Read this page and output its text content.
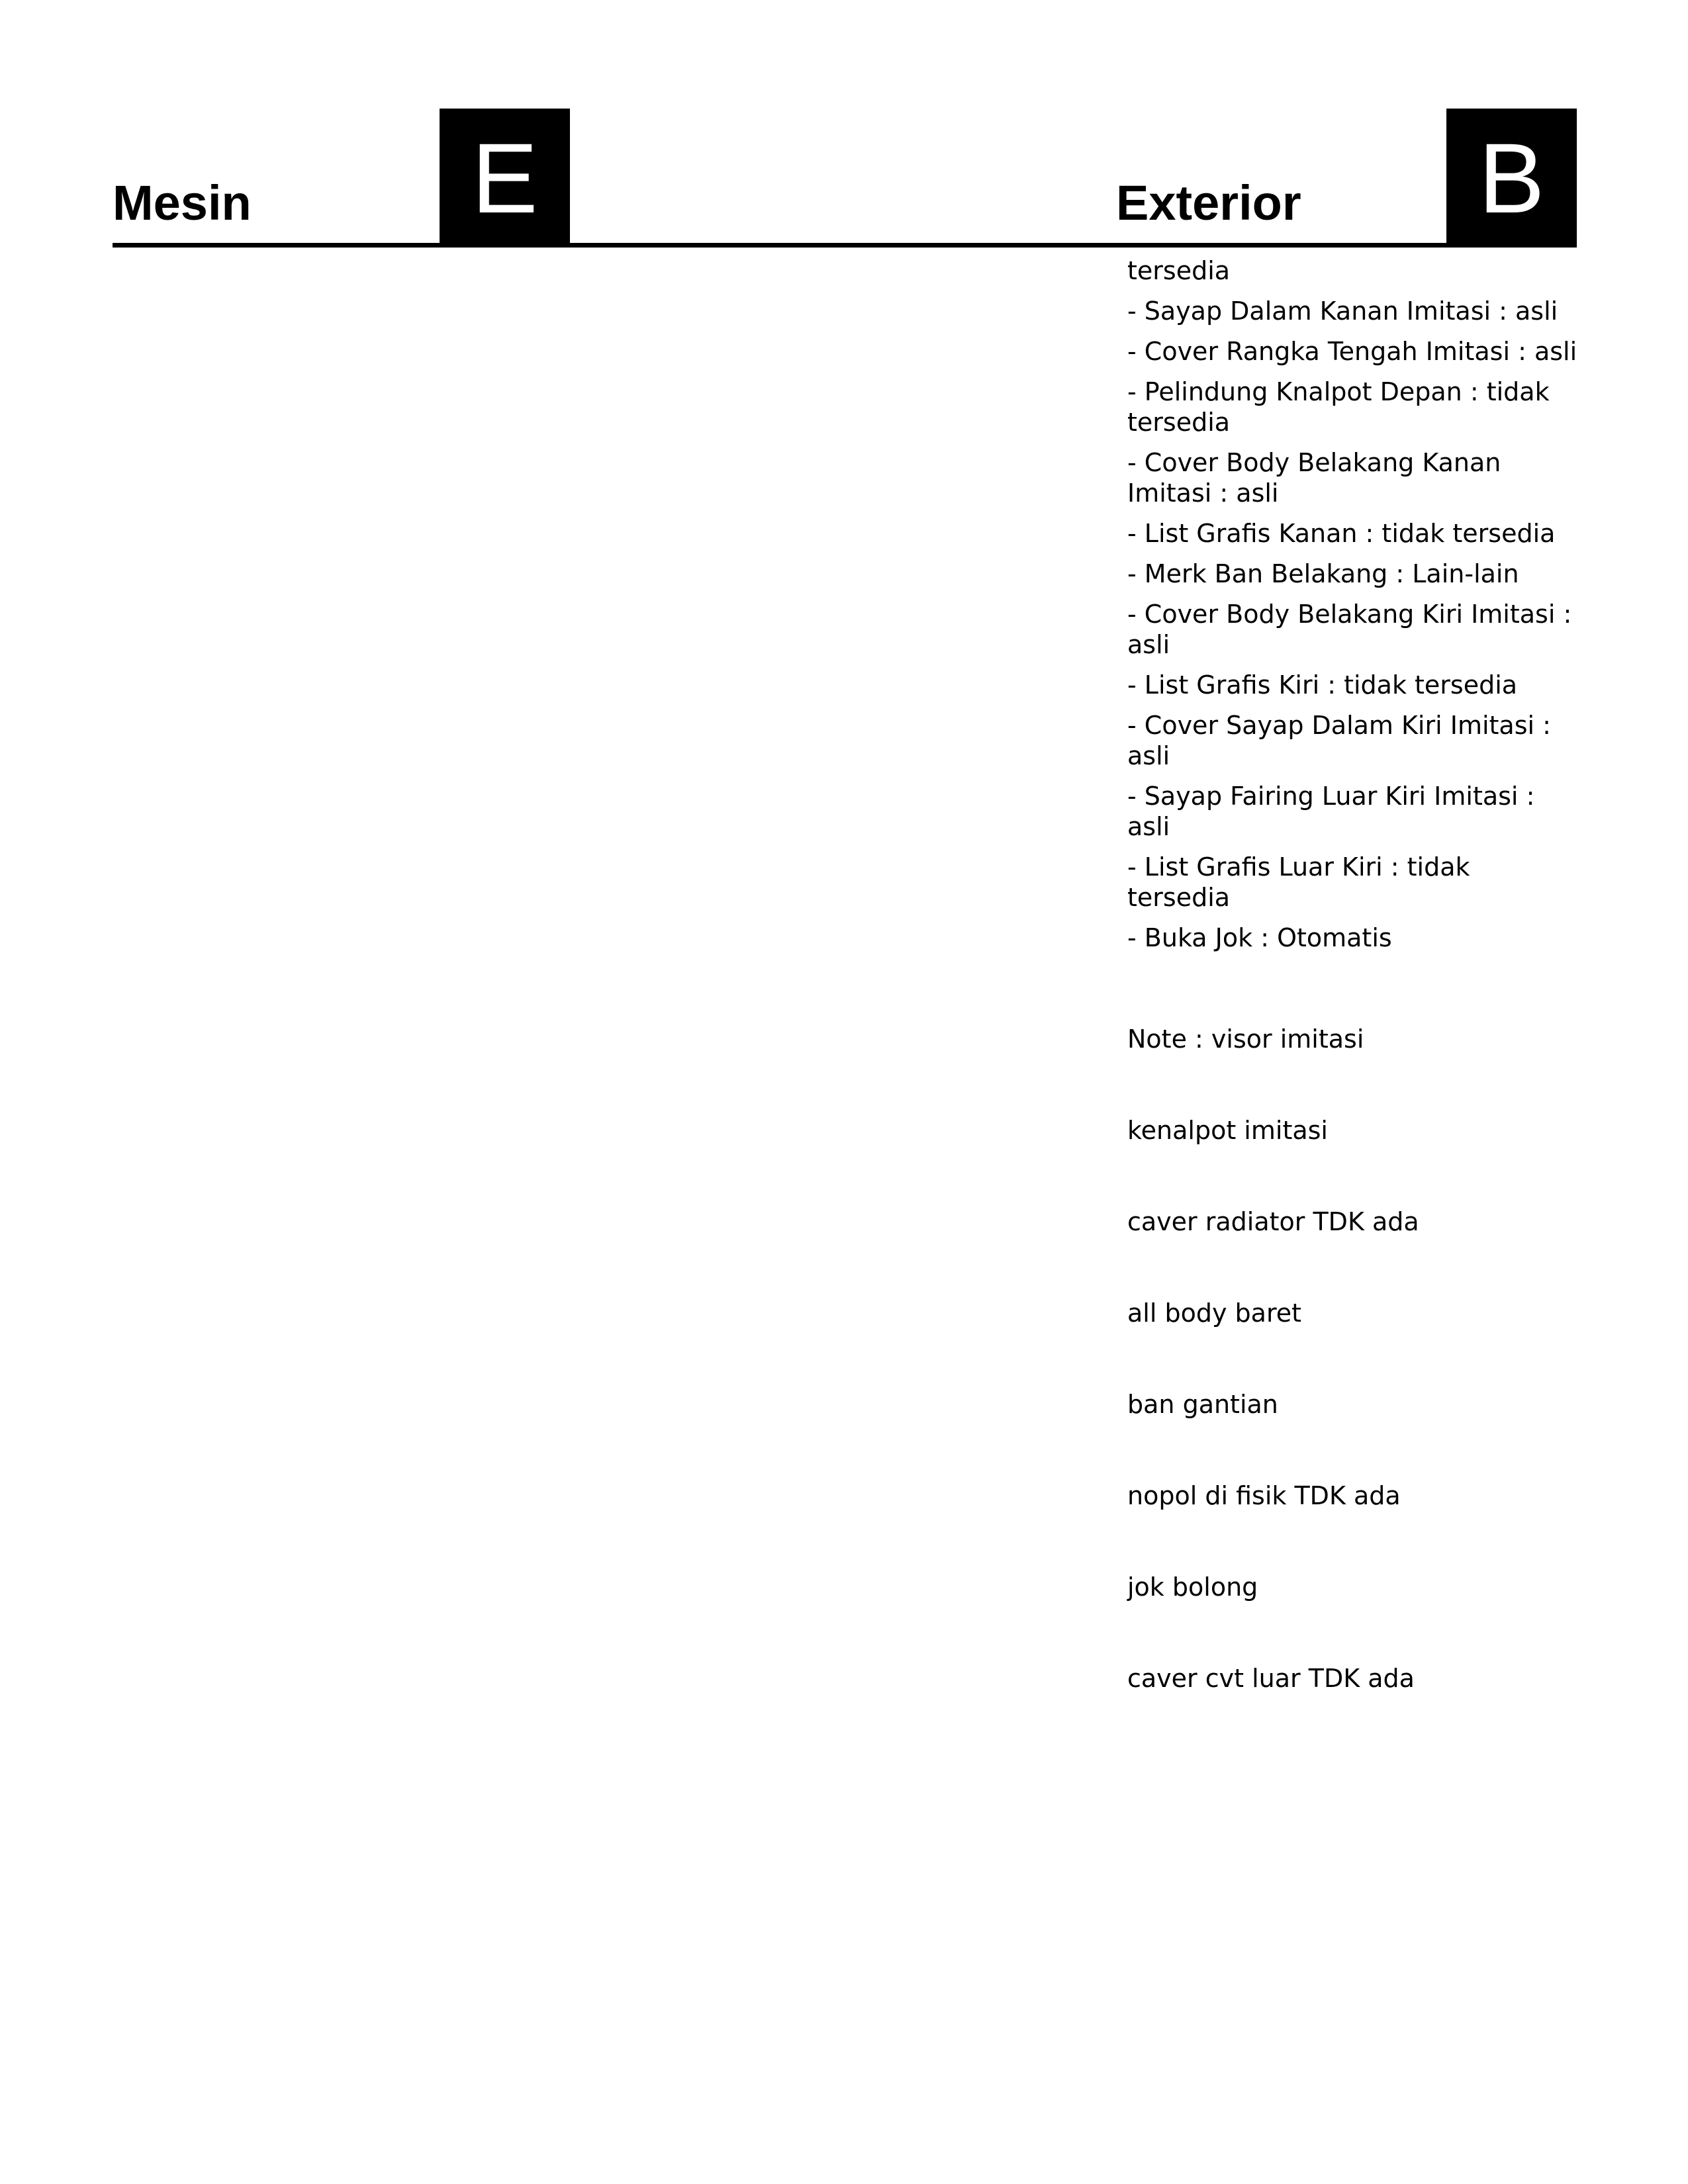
Mesin	E	Exterior	B

tersedia

- Sayap Dalam Kanan Imitasi : asli

- Cover Rangka Tengah Imitasi : asli

- Pelindung Knalpot Depan : tidak tersedia

- Cover Body Belakang Kanan Imitasi : asli

- List Grafis Kanan : tidak tersedia

- Merk Ban Belakang : Lain-lain

- Cover Body Belakang Kiri Imitasi : asli

- List Grafis Kiri : tidak tersedia

- Cover Sayap Dalam Kiri Imitasi : asli

- Sayap Fairing Luar Kiri Imitasi : asli

- List Grafis Luar Kiri : tidak tersedia

- Buka Jok : Otomatis

Note : visor imitasi

kenalpot imitasi

caver radiator TDK ada

all body baret

ban gantian

nopol di fisik TDK ada

jok bolong

caver cvt luar TDK ada
